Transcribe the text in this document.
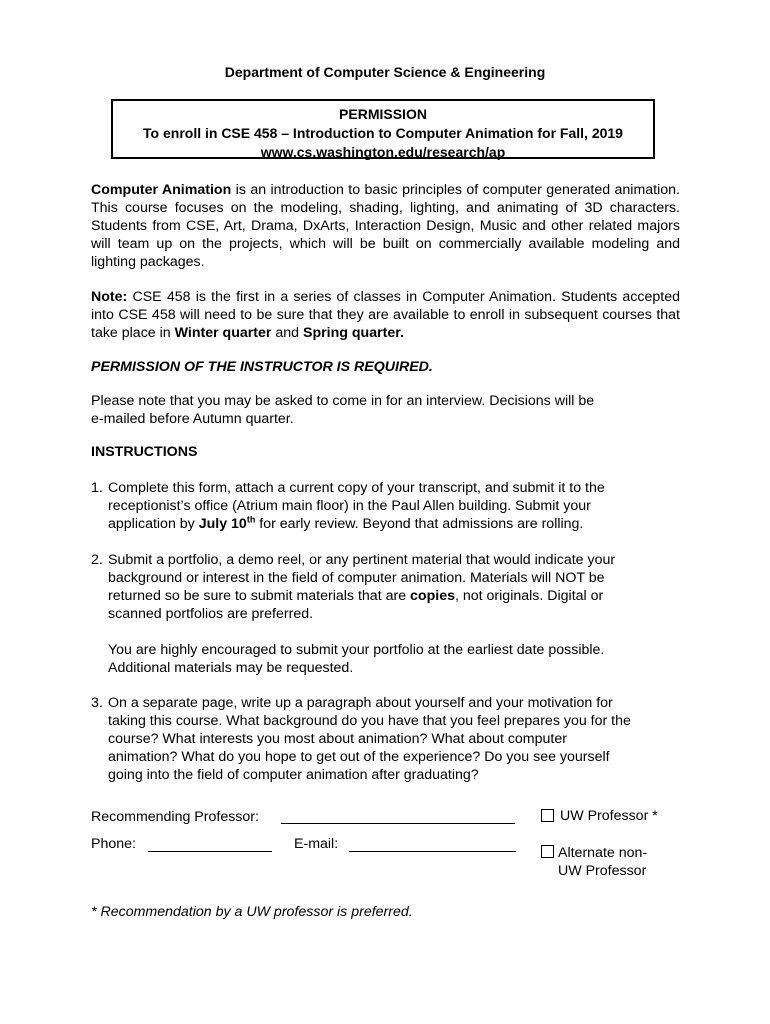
Department of Computer Science & Engineering
PERMISSION
To enroll in CSE 458 – Introduction to Computer Animation for Fall, 2019
www.cs.washington.edu/research/ap
Computer Animation is an introduction to basic principles of computer generated animation. This course focuses on the modeling, shading, lighting, and animating of 3D characters. Students from CSE, Art, Drama, DxArts, Interaction Design, Music and other related majors will team up on the projects, which will be built on commercially available modeling and lighting packages.
Note: CSE 458 is the first in a series of classes in Computer Animation. Students accepted into CSE 458 will need to be sure that they are available to enroll in subsequent courses that take place in Winter quarter and Spring quarter.
PERMISSION OF THE INSTRUCTOR IS REQUIRED.
Please note that you may be asked to come in for an interview. Decisions will be
e-mailed before Autumn quarter.
INSTRUCTIONS
1. Complete this form, attach a current copy of your transcript, and submit it to the
receptionist’s office (Atrium main floor) in the Paul Allen building. Submit your
application by July 10th for early review. Beyond that admissions are rolling.
2. Submit a portfolio, a demo reel, or any pertinent material that would indicate your
background or interest in the field of computer animation. Materials will NOT be
returned so be sure to submit materials that are copies, not originals. Digital or
scanned portfolios are preferred.
You are highly encouraged to submit your portfolio at the earliest date possible.
Additional materials may be requested.
3. On a separate page, write up a paragraph about yourself and your motivation for
taking this course. What background do you have that you feel prepares you for the
course? What interests you most about animation? What about computer
animation? What do you hope to get out of the experience? Do you see yourself
going into the field of computer animation after graduating?
Recommending Professor:
Phone:	E-mail:
UW Professor *
Alternate non-
UW Professor
* Recommendation by a UW professor is preferred.
